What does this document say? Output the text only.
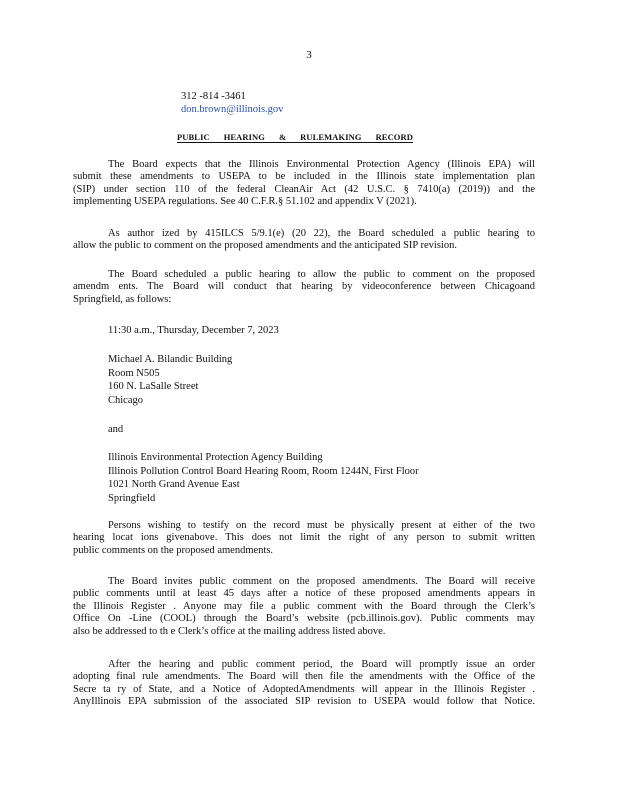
3
312 -814 -3461
don.brown@illinois.gov
PUBLIC HEARING & RULEMAKING RECORD
The Board expects that the Illinois Environmental Protection Agency (Illinois EPA) will
submit these amendments to USEPA to be included in the Illinois state implementation plan
(SIP) under section 110 of the federal CleanAir Act (42 U.S.C. § 7410(a) (2019)) and the
implementing USEPA regulations. See 40 C.F.R.§ 51.102 and appendix V (2021).
As author ized by 415ILCS 5/9.1(e) (20 22), the Board scheduled a public hearing to
allow the public to comment on the proposed amendments and the anticipated SIP revision.
The Board scheduled a public hearing to allow the public to comment on the proposed
amendm ents. The Board will conduct that hearing by videoconference between Chicagoand
Springfield, as follows:
11:30 a.m., Thursday, December 7, 2023
Michael A. Bilandic Building
Room N505
160 N. LaSalle Street
Chicago
and
Illinois Environmental Protection Agency Building
Illinois Pollution Control Board Hearing Room, Room 1244N, First Floor
1021 North Grand Avenue East
Springfield
Persons wishing to testify on the record must be physically present at either of the two
hearing locat ions givenabove. This does not limit the right of any person to submit written
public comments on the proposed amendments.
The Board invites public comment on the proposed amendments. The Board will receive
public comments until at least 45 days after a notice of these proposed amendments appears in
the Illinois Register . Anyone may file a public comment with the Board through the Clerk’s
Office On -Line (COOL) through the Board’s website (pcb.illinois.gov). Public comments may
also be addressed to th e Clerk’s office at the mailing address listed above.
After the hearing and public comment period, the Board will promptly issue an order
adopting final rule amendments. The Board will then file the amendments with the Office of the
Secre ta ry of State, and a Notice of AdoptedAmendments will appear in the Illinois Register .
AnyIllinois EPA submission of the associated SIP revision to USEPA would follow that Notice.
